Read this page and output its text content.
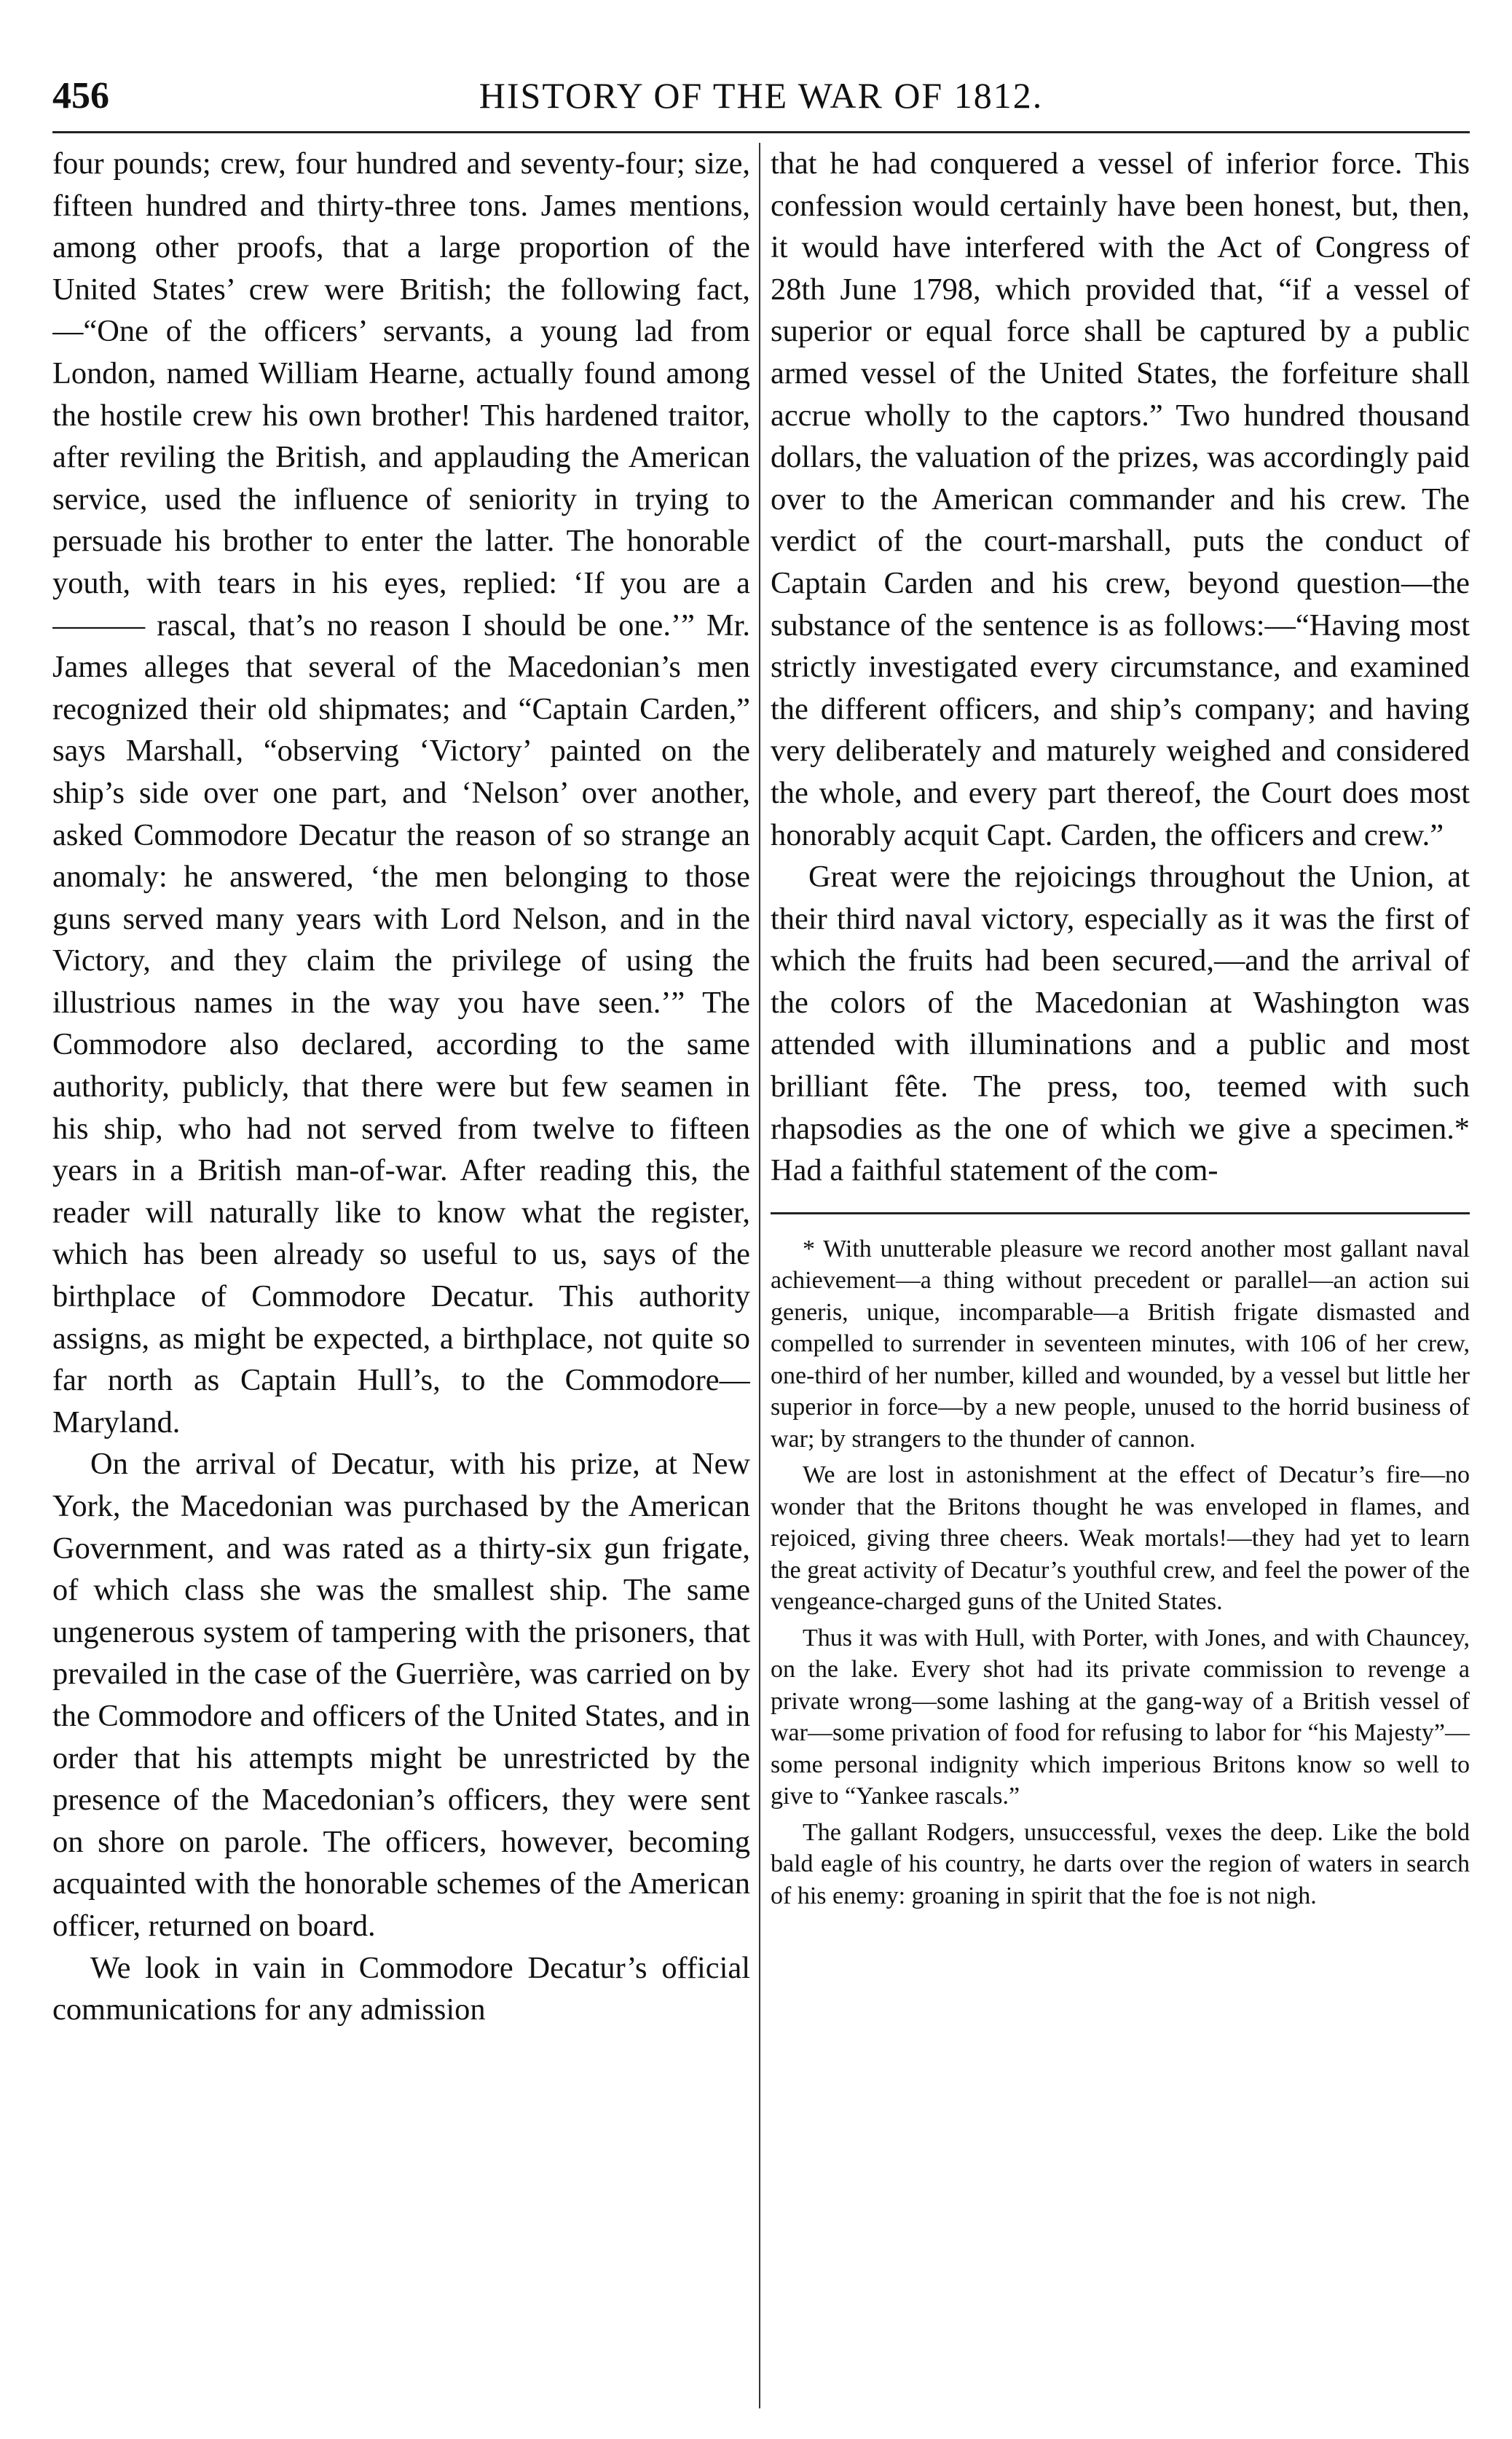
456	HISTORY OF THE WAR OF 1812.

four pounds; crew, four hundred and seventy-four; size, fifteen hundred and thirty-three tons. James mentions, among other proofs, that a large proportion of the United States’ crew were British; the following fact,—“One of the officers’ servants, a young lad from London, named William Hearne, actually found among the hostile crew his own brother! This hardened traitor, after reviling the British, and applauding the American service, used the influence of seniority in trying to persuade his brother to enter the latter. The honorable youth, with tears in his eyes, replied: ‘If you are a ——— rascal, that’s no reason I should be one.’” Mr. James alleges that several of the Macedonian’s men recognized their old shipmates; and “Captain Carden,” says Marshall, “observing ‘Victory’ painted on the ship’s side over one part, and ‘Nelson’ over another, asked Commodore Decatur the reason of so strange an anomaly: he answered, ‘the men belonging to those guns served many years with Lord Nelson, and in the Victory, and they claim the privilege of using the illustrious names in the way you have seen.’” The Commodore also declared, according to the same authority, publicly, that there were but few seamen in his ship, who had not served from twelve to fifteen years in a British man-of-war. After reading this, the reader will naturally like to know what the register, which has been already so useful to us, says of the birthplace of Commodore Decatur. This authority assigns, as might be expected, a birthplace, not quite so far north as Captain Hull’s, to the Commodore—Maryland.

On the arrival of Decatur, with his prize, at New York, the Macedonian was purchased by the American Government, and was rated as a thirty-six gun frigate, of which class she was the smallest ship. The same ungenerous system of tampering with the prisoners, that prevailed in the case of the Guerrière, was carried on by the Commodore and officers of the United States, and in order that his attempts might be unrestricted by the presence of the Macedonian’s officers, they were sent on shore on parole. The officers, however, becoming acquainted with the honorable schemes of the American officer, returned on board.

We look in vain in Commodore Decatur’s official communications for any admission

that he had conquered a vessel of inferior force. This confession would certainly have been honest, but, then, it would have interfered with the Act of Congress of 28th June 1798, which provided that, “if a vessel of superior or equal force shall be captured by a public armed vessel of the United States, the forfeiture shall accrue wholly to the captors.” Two hundred thousand dollars, the valuation of the prizes, was accordingly paid over to the American commander and his crew. The verdict of the court-marshall, puts the conduct of Captain Carden and his crew, beyond question—the substance of the sentence is as follows:—“Having most strictly investigated every circumstance, and examined the different officers, and ship’s company; and having very deliberately and maturely weighed and considered the whole, and every part thereof, the Court does most honorably acquit Capt. Carden, the officers and crew.”

Great were the rejoicings throughout the Union, at their third naval victory, especially as it was the first of which the fruits had been secured,—and the arrival of the colors of the Macedonian at Washington was attended with illuminations and a public and most brilliant fête. The press, too, teemed with such rhapsodies as the one of which we give a specimen.* Had a faithful statement of the com-

* With unutterable pleasure we record another most gallant naval achievement—a thing without precedent or parallel—an action sui generis, unique, incomparable—a British frigate dismasted and compelled to surrender in seventeen minutes, with 106 of her crew, one-third of her number, killed and wounded, by a vessel but little her superior in force—by a new people, unused to the horrid business of war; by strangers to the thunder of cannon.

We are lost in astonishment at the effect of Decatur’s fire—no wonder that the Britons thought he was enveloped in flames, and rejoiced, giving three cheers. Weak mortals!—they had yet to learn the great activity of Decatur’s youthful crew, and feel the power of the vengeance-charged guns of the United States.

Thus it was with Hull, with Porter, with Jones, and with Chauncey, on the lake. Every shot had its private commission to revenge a private wrong—some lashing at the gang-way of a British vessel of war—some privation of food for refusing to labor for “his Majesty”—some personal indignity which imperious Britons know so well to give to “Yankee rascals.”

The gallant Rodgers, unsuccessful, vexes the deep. Like the bold bald eagle of his country, he darts over the region of waters in search of his enemy: groaning in spirit that the foe is not nigh.
